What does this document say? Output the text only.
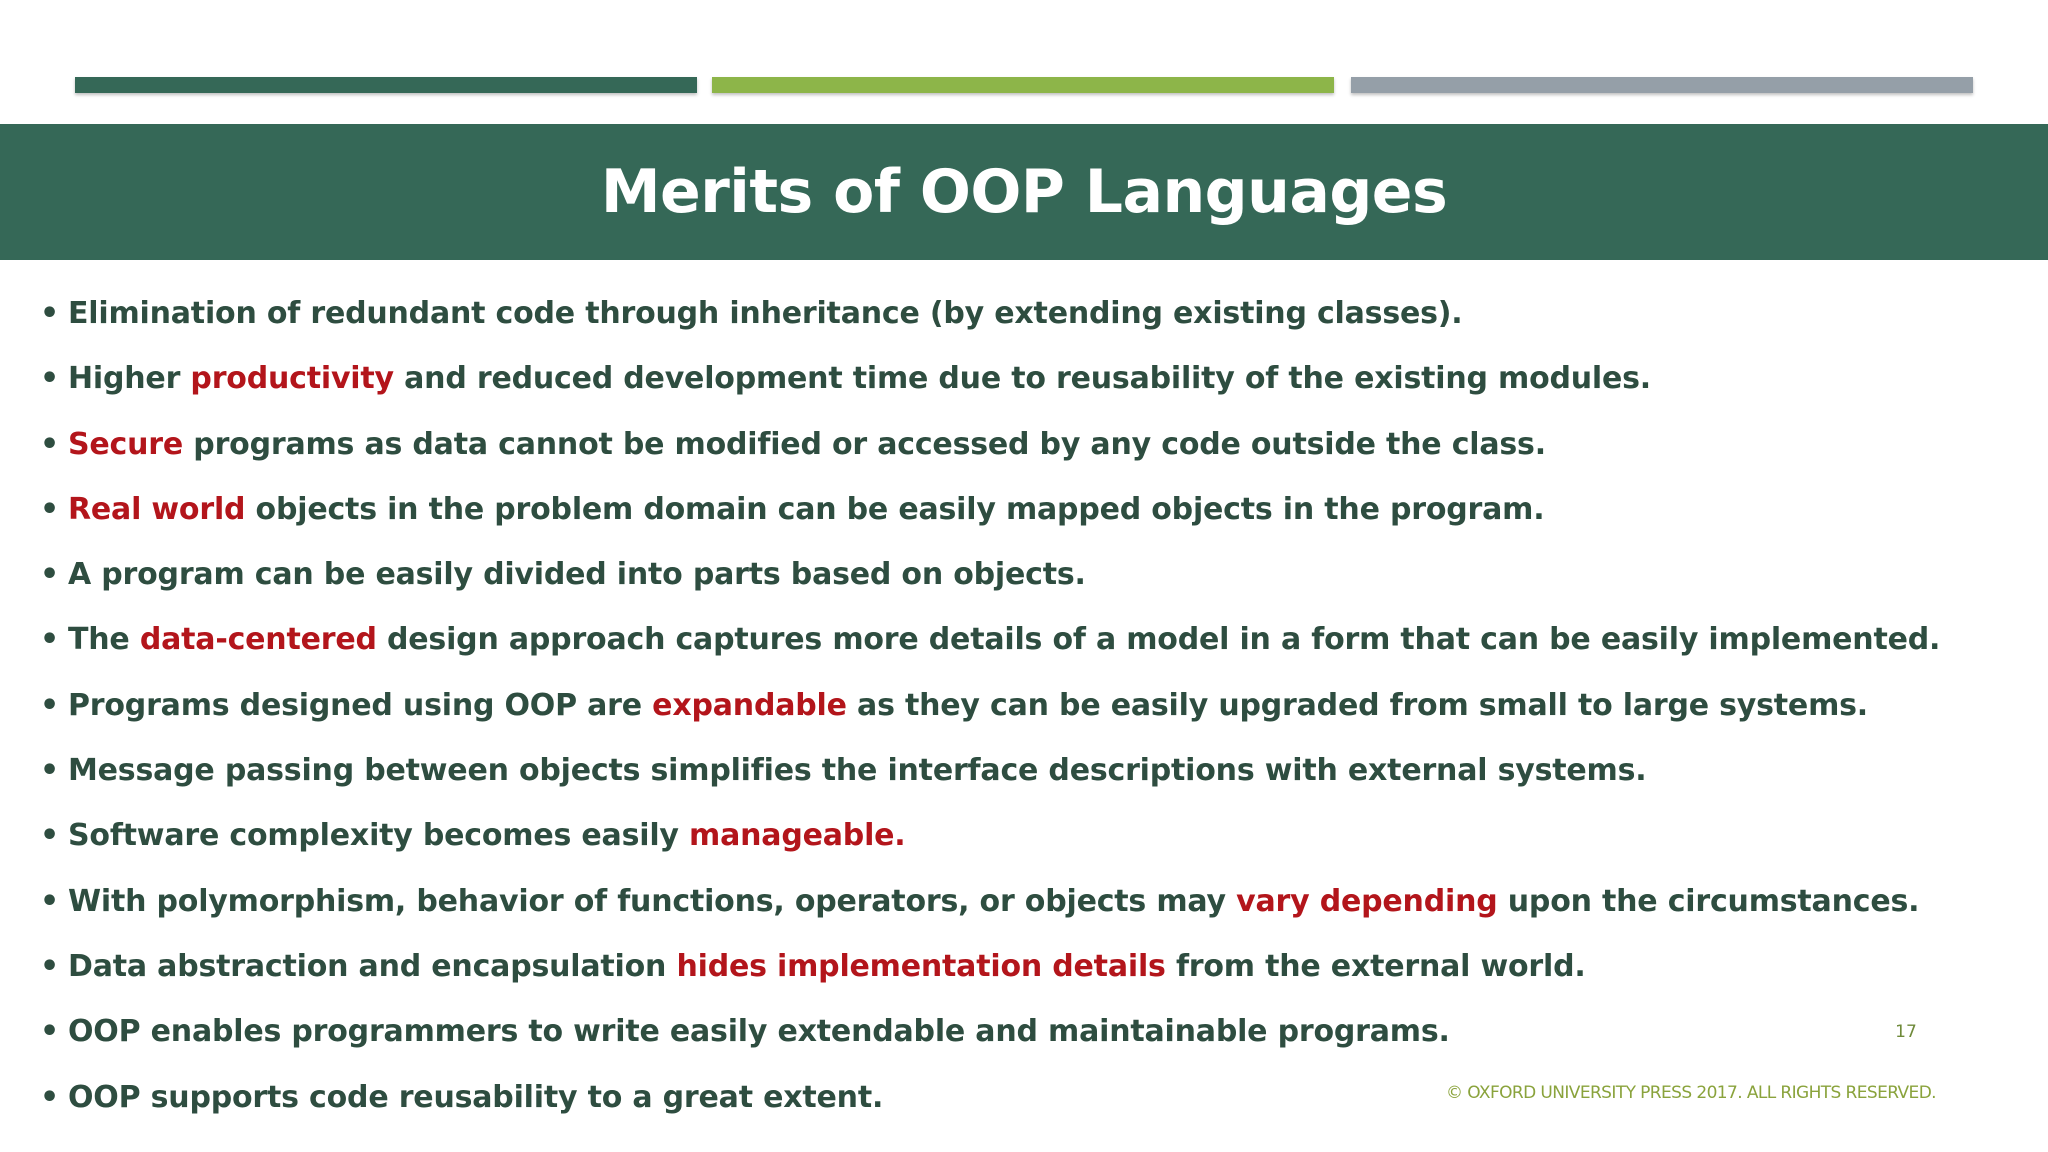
Merits of OOP Languages
• Elimination of redundant code through inheritance (by extending existing classes).
• Higher productivity and reduced development time due to reusability of the existing modules.
• Secure programs as data cannot be modified or accessed by any code outside the class.
• Real world objects in the problem domain can be easily mapped objects in the program.
• A program can be easily divided into parts based on objects.
• The data-centered design approach captures more details of a model in a form that can be easily implemented.
• Programs designed using OOP are expandable as they can be easily upgraded from small to large systems.
• Message passing between objects simplifies the interface descriptions with external systems.
• Software complexity becomes easily manageable.
• With polymorphism, behavior of functions, operators, or objects may vary depending upon the circumstances.
• Data abstraction and encapsulation hides implementation details from the external world.
• OOP enables programmers to write easily extendable and maintainable programs.
• OOP supports code reusability to a great extent.
17
© OXFORD UNIVERSITY PRESS 2017. ALL RIGHTS RESERVED.
